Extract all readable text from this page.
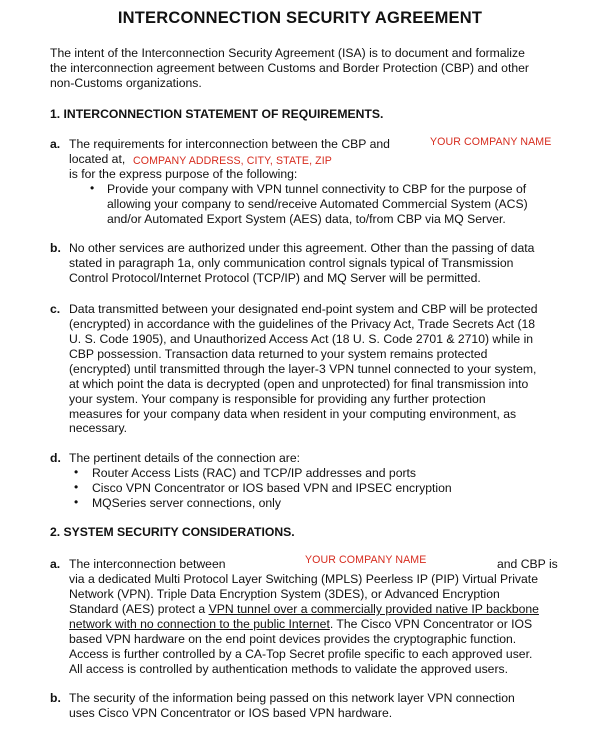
INTERCONNECTION SECURITY AGREEMENT
The intent of the Interconnection Security Agreement (ISA) is to document and formalize
the interconnection agreement between Customs and Border Protection (CBP) and other
non-Customs organizations.
1. INTERCONNECTION STATEMENT OF REQUIREMENTS.
a. The requirements for interconnection between the CBP and	YOUR COMPANY NAME
located at, COMPANY ADDRESS, CITY, STATE, ZIP
is for the express purpose of the following:
• Provide your company with VPN tunnel connectivity to CBP for the purpose of
allowing your company to send/receive Automated Commercial System (ACS)
and/or Automated Export System (AES) data, to/from CBP via MQ Server.
b. No other services are authorized under this agreement. Other than the passing of data
stated in paragraph 1a, only communication control signals typical of Transmission
Control Protocol/Internet Protocol (TCP/IP) and MQ Server will be permitted.
c. Data transmitted between your designated end-point system and CBP will be protected
(encrypted) in accordance with the guidelines of the Privacy Act, Trade Secrets Act (18
U. S. Code 1905), and Unauthorized Access Act (18 U. S. Code 2701 & 2710) while in
CBP possession. Transaction data returned to your system remains protected
(encrypted) until transmitted through the layer-3 VPN tunnel connected to your system,
at which point the data is decrypted (open and unprotected) for final transmission into
your system. Your company is responsible for providing any further protection
measures for your company data when resident in your computing environment, as
necessary.
d. The pertinent details of the connection are:
• Router Access Lists (RAC) and TCP/IP addresses and ports
• Cisco VPN Concentrator or IOS based VPN and IPSEC encryption
• MQSeries server connections, only
2. SYSTEM SECURITY CONSIDERATIONS.
a. The interconnection between	YOUR COMPANY NAME	and CBP is
via a dedicated Multi Protocol Layer Switching (MPLS) Peerless IP (PIP) Virtual Private
Network (VPN). Triple Data Encryption System (3DES), or Advanced Encryption
Standard (AES) protect a VPN tunnel over a commercially provided native IP backbone
network with no connection to the public Internet. The Cisco VPN Concentrator or IOS
based VPN hardware on the end point devices provides the cryptographic function.
Access is further controlled by a CA-Top Secret profile specific to each approved user.
All access is controlled by authentication methods to validate the approved users.
b. The security of the information being passed on this network layer VPN connection
uses Cisco VPN Concentrator or IOS based VPN hardware.
